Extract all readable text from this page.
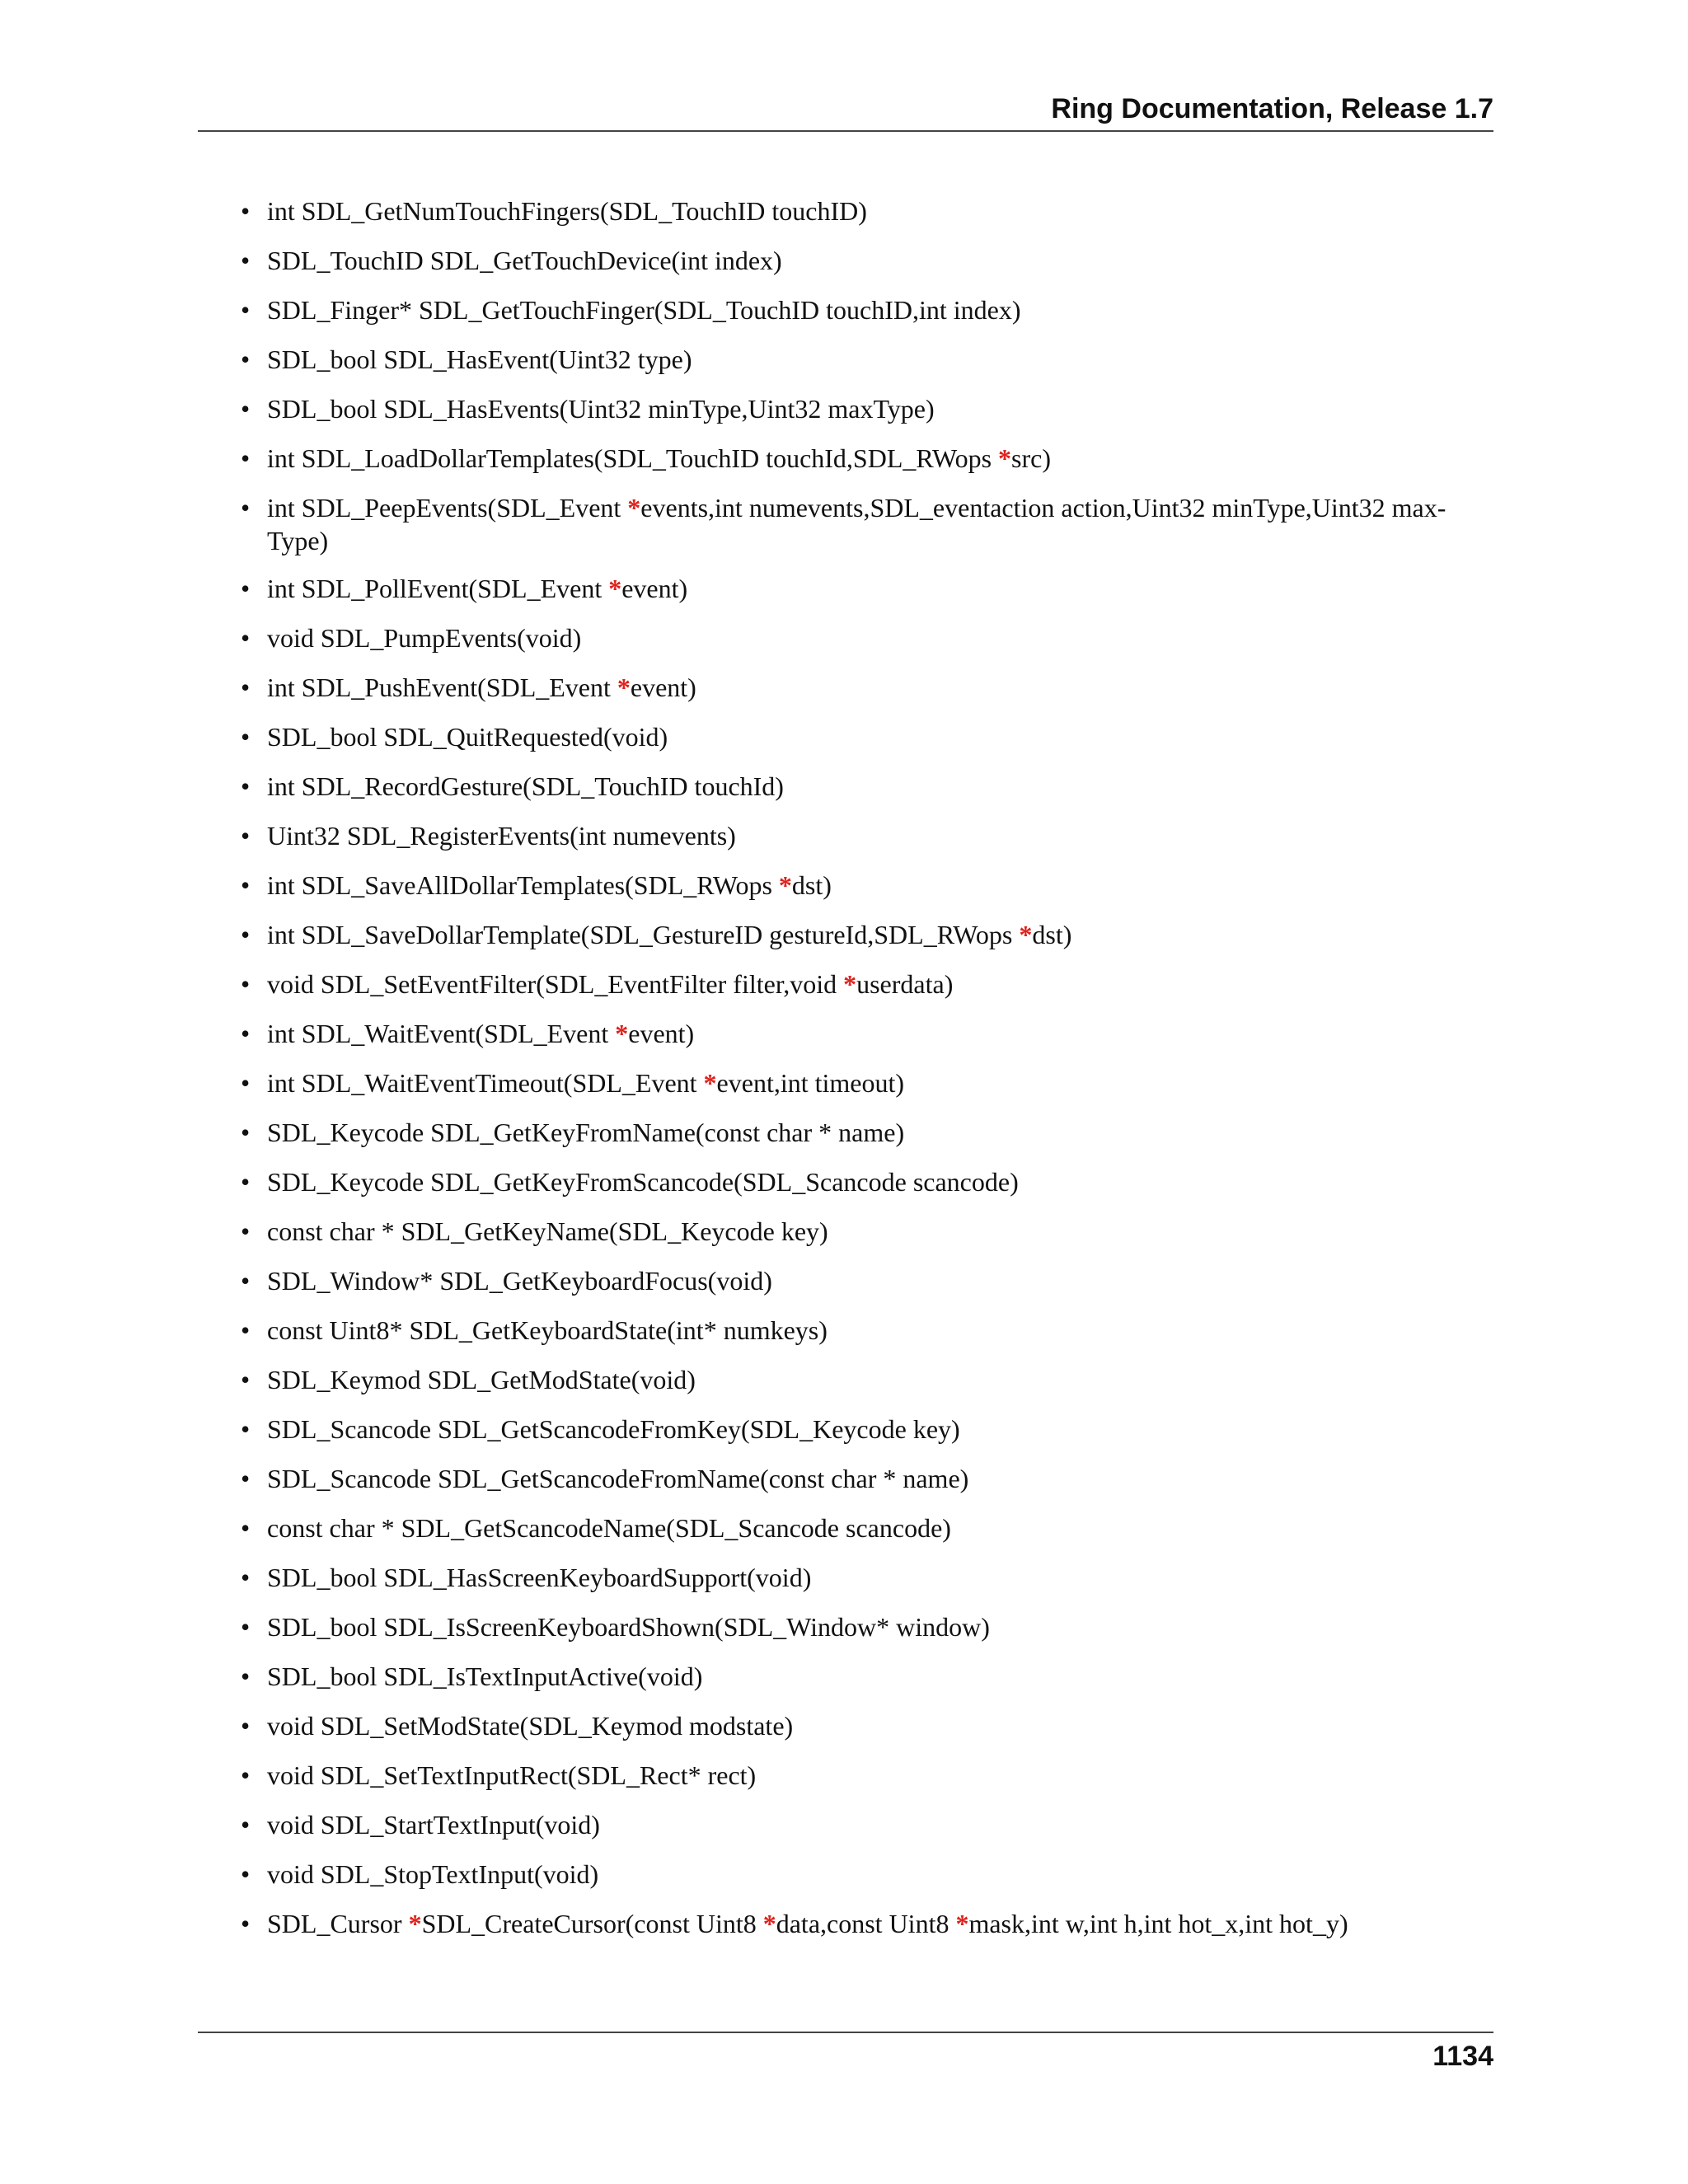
Ring Documentation, Release 1.7
• int SDL_GetNumTouchFingers(SDL_TouchID touchID)
• SDL_TouchID SDL_GetTouchDevice(int index)
• SDL_Finger* SDL_GetTouchFinger(SDL_TouchID touchID,int index)
• SDL_bool SDL_HasEvent(Uint32 type)
• SDL_bool SDL_HasEvents(Uint32 minType,Uint32 maxType)
• int SDL_LoadDollarTemplates(SDL_TouchID touchId,SDL_RWops *src)
• int SDL_PeepEvents(SDL_Event *events,int numevents,SDL_eventaction action,Uint32 minType,Uint32 max-Type)
• int SDL_PollEvent(SDL_Event *event)
• void SDL_PumpEvents(void)
• int SDL_PushEvent(SDL_Event *event)
• SDL_bool SDL_QuitRequested(void)
• int SDL_RecordGesture(SDL_TouchID touchId)
• Uint32 SDL_RegisterEvents(int numevents)
• int SDL_SaveAllDollarTemplates(SDL_RWops *dst)
• int SDL_SaveDollarTemplate(SDL_GestureID gestureId,SDL_RWops *dst)
• void SDL_SetEventFilter(SDL_EventFilter filter,void *userdata)
• int SDL_WaitEvent(SDL_Event *event)
• int SDL_WaitEventTimeout(SDL_Event *event,int timeout)
• SDL_Keycode SDL_GetKeyFromName(const char * name)
• SDL_Keycode SDL_GetKeyFromScancode(SDL_Scancode scancode)
• const char * SDL_GetKeyName(SDL_Keycode key)
• SDL_Window* SDL_GetKeyboardFocus(void)
• const Uint8* SDL_GetKeyboardState(int* numkeys)
• SDL_Keymod SDL_GetModState(void)
• SDL_Scancode SDL_GetScancodeFromKey(SDL_Keycode key)
• SDL_Scancode SDL_GetScancodeFromName(const char * name)
• const char * SDL_GetScancodeName(SDL_Scancode scancode)
• SDL_bool SDL_HasScreenKeyboardSupport(void)
• SDL_bool SDL_IsScreenKeyboardShown(SDL_Window* window)
• SDL_bool SDL_IsTextInputActive(void)
• void SDL_SetModState(SDL_Keymod modstate)
• void SDL_SetTextInputRect(SDL_Rect* rect)
• void SDL_StartTextInput(void)
• void SDL_StopTextInput(void)
• SDL_Cursor *SDL_CreateCursor(const Uint8 *data,const Uint8 *mask,int w,int h,int hot_x,int hot_y)
1134
